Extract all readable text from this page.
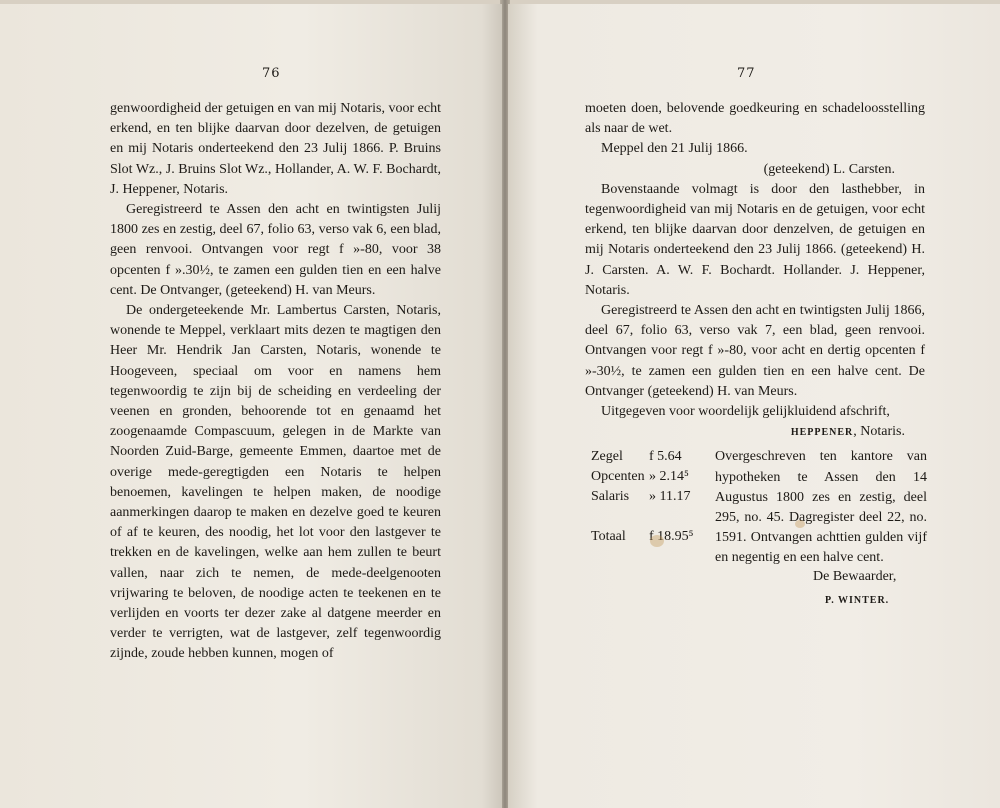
76

genwoordigheid der getuigen en van mij Notaris, voor echt erkend, en ten blijke daarvan door dezelven, de getuigen en mij Notaris onderteekend den 23 Julij 1866. P. Bruins Slot Wz., J. Bruins Slot Wz., Hollander, A. W. F. Bochardt, J. Heppener, Notaris.

Geregistreerd te Assen den acht en twintigsten Julij 1800 zes en zestig, deel 67, folio 63, verso vak 6, een blad, geen renvooi. Ontvangen voor regt f »-80, voor 38 opcenten f ».30½, te zamen een gulden tien en een halve cent. De Ontvanger, (geteekend) H. van Meurs.

De ondergeteekende Mr. Lambertus Carsten, Notaris, wonende te Meppel, verklaart mits dezen te magtigen den Heer Mr. Hendrik Jan Carsten, Notaris, wonende te Hoogeveen, speciaal om voor en namens hem tegenwoordig te zijn bij de scheiding en verdeeling der veenen en gronden, behoorende tot en genaamd het zoogenaamde Compascuum, gelegen in de Markte van Noorden Zuid-Barge, gemeente Emmen, daartoe met de overige mede-geregtigden een Notaris te helpen benoemen, kavelingen te helpen maken, de noodige aanmerkingen daarop te maken en dezelve goed te keuren of af te keuren, des noodig, het lot voor den lastgever te trekken en de kavelingen, welke aan hem zullen te beurt vallen, naar zich te nemen, de mede-deelgenooten vrijwaring te beloven, de noodige acten te teekenen en te verlijden en voorts ter dezer zake al datgene meerder en verder te verrigten, wat de lastgever, zelf tegenwoordig zijnde, zoude hebben kunnen, mogen of

77

moeten doen, belovende goedkeuring en schadeloosstelling als naar de wet.

Meppel den 21 Julij 1866.

(geteekend) L. Carsten.

Bovenstaande volmagt is door den lasthebber, in tegenwoordigheid van mij Notaris en de getuigen, voor echt erkend, ten blijke daarvan door denzelven, de getuigen en mij Notaris onderteekend den 23 Julij 1866. (geteekend) H. J. Carsten. A. W. F. Bochardt. Hollander. J. Heppener, Notaris.

Geregistreerd te Assen den acht en twintigsten Julij 1866, deel 67, folio 63, verso vak 7, een blad, geen renvooi. Ontvangen voor regt f »-80, voor acht en dertig opcenten f »-30½, te zamen een gulden tien en een halve cent. De Ontvanger (geteekend) H. van Meurs.

Uitgegeven voor woordelijk gelijkluidend afschrift,

HEPPENER, Notaris.

Zegel f 5.64
Opcenten » 2.14⁵
Salaris » 11.17
Totaal f 18.95⁵
Overgeschreven ten kantore van hypotheken te Assen den 14 Augustus 1800 zes en zestig, deel 295, no. 45. Dagregister deel 22, no. 1591. Ontvangen achttien gulden vijf en negentig en een halve cent.
De Bewaarder,
P. WINTER.
